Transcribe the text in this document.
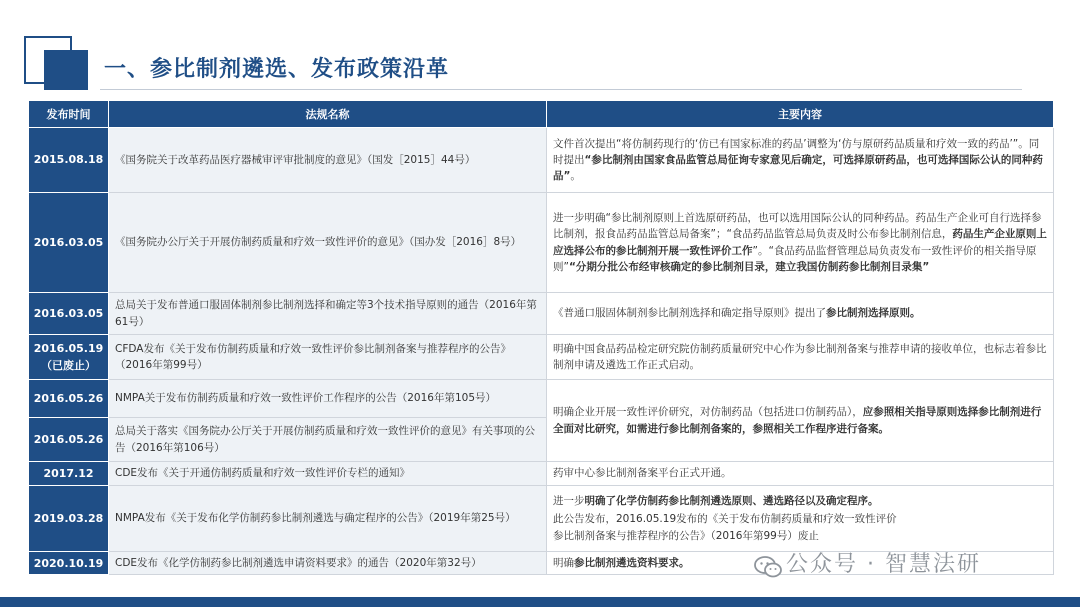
一、参比制剂遴选、发布政策沿革
发布时间	法规名称	主要内容
2015.08.18	《国务院关于改革药品医疗器械审评审批制度的意见》（国发［2015］44号）	文件首次提出“将仿制药现行的‘仿已有国家标准的药品’调整为‘仿与原研药品质量和疗效一致的药品’”。同时提出“参比制剂由国家食品监管总局征询专家意见后确定，可选择原研药品，也可选择国际公认的同种药品”。
2016.03.05	《国务院办公厅关于开展仿制药质量和疗效一致性评价的意见》（国办发［2016］8号）	进一步明确“参比制剂原则上首选原研药品，也可以选用国际公认的同种药品。药品生产企业可自行选择参比制剂，报食品药品监管总局备案”；“食品药品监管总局负责及时公布参比制剂信息，药品生产企业原则上应选择公布的参比制剂开展一致性评价工作”。“食品药品监督管理总局负责发布一致性评价的相关指导原则”“分期分批公布经审核确定的参比制剂目录，建立我国仿制药参比制剂目录集”
2016.03.05	总局关于发布普通口服固体制剂参比制剂选择和确定等3个技术指导原则的通告（2016年第61号）	《普通口服固体制剂参比制剂选择和确定指导原则》提出了参比制剂选择原则。

2016.05.19
（已废止）	CFDA发布《关于发布仿制药质量和疗效一致性评价参比制剂备案与推荐程序的公告》（2016年第99号）	明确中国食品药品检定研究院仿制药质量研究中心作为参比制剂备案与推荐申请的接收单位，也标志着参比制剂申请及遴选工作正式启动。
2016.05.26	NMPA关于发布仿制药质量和疗效一致性评价工作程序的公告（2016年第105号）	明确企业开展一致性评价研究，对仿制药品（包括进口仿制药品），应参照相关指导原则选择参比制剂进行全面对比研究，如需进行参比制剂备案的，参照相关工作程序进行备案。
2016.05.26	总局关于落实《国务院办公厅关于开展仿制药质量和疗效一致性评价的意见》有关事项的公告（2016年第106号）	
2017.12	CDE发布《关于开通仿制药质量和疗效一致性评价专栏的通知》	药审中心参比制剂备案平台正式开通。
2019.03.28	NMPA发布《关于发布化学仿制药参比制剂遴选与确定程序的公告》（2019年第25号）	进一步明确了化学仿制药参比制剂遴选原则、遴选路径以及确定程序。
此公告发布，2016.05.19发布的《关于发布仿制药质量和疗效一致性评价参比制剂备案与推荐程序的公告》（2016年第99号）废止

2020.10.19	CDE发布《化学仿制药参比制剂遴选申请资料要求》的通告（2020年第32号）	明确参比制剂遴选资料要求。	公众号 · 智慧法研
